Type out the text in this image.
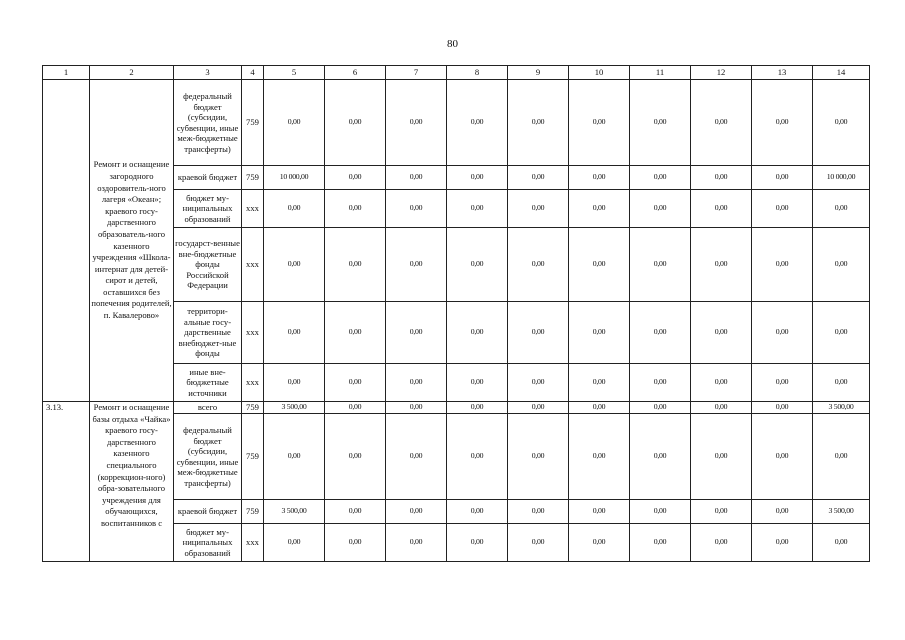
80
1	2	3	4	5	6	7	8	9	10	11	12	13	14
	Ремонт и оснащение загородного оздоровитель-ного лагеря «Океан»; краевого госу-дарственного образователь-ного казенного учреждения «Школа-интернат для детей-сирот и детей, оставшихся без попечения родителей, п. Кавалерово»	федеральный бюджет (субсидии, субвенции, иные меж-бюджетные трансферты)	759	0,00	0,00	0,00	0,00	0,00	0,00	0,00	0,00	0,00	0,00
		краевой бюджет	759	10 000,00	0,00	0,00	0,00	0,00	0,00	0,00	0,00	0,00	10 000,00
		бюджет му-ниципальных образований	xxx	0,00	0,00	0,00	0,00	0,00	0,00	0,00	0,00	0,00	0,00
		государст-венные вне-бюджетные фонды Российской Федерации	xxx	0,00	0,00	0,00	0,00	0,00	0,00	0,00	0,00	0,00	0,00
		территори-альные госу-дарственные внебюджет-ные фонды	xxx	0,00	0,00	0,00	0,00	0,00	0,00	0,00	0,00	0,00	0,00
		иные вне-бюджетные источники	xxx	0,00	0,00	0,00	0,00	0,00	0,00	0,00	0,00	0,00	0,00
3.13.	Ремонт и оснащение базы отдыха «Чайка» краевого госу-дарственного казенного специального (коррекцион-ного) обра-зовательного учреждения для обучающихся, воспитанников с	всего	759	3 500,00	0,00	0,00	0,00	0,00	0,00	0,00	0,00	0,00	3 500,00
		федеральный бюджет (субсидии, субвенции, иные меж-бюджетные трансферты)	759	0,00	0,00	0,00	0,00	0,00	0,00	0,00	0,00	0,00	0,00
		краевой бюджет	759	3 500,00	0,00	0,00	0,00	0,00	0,00	0,00	0,00	0,00	3 500,00
		бюджет му-ниципальных образований	xxx	0,00	0,00	0,00	0,00	0,00	0,00	0,00	0,00	0,00	0,00
